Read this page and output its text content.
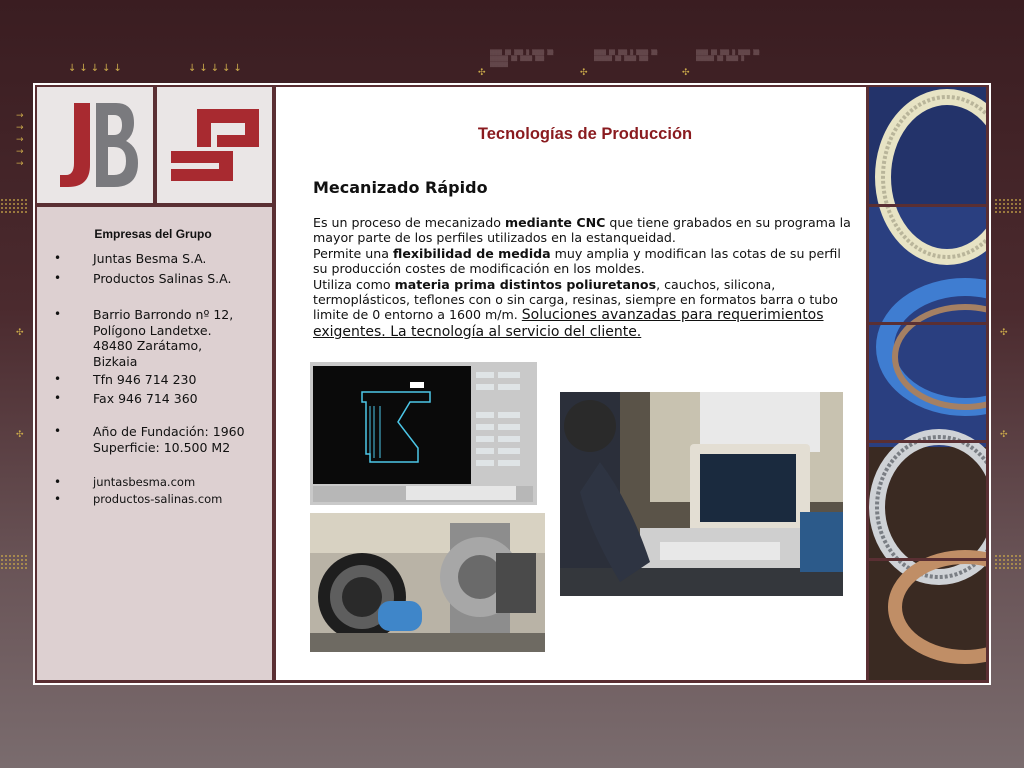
↓↓↓↓↓	↓↓↓↓↓
→
→
→
→
→
✣
✣
✣
✣
✣	✣	✣
▒▒▒▒ ▒▒ ▒▒▒ ▒ ▒▒▒▒ ▒▒ ▒▒▒▒▒▒ ▒▒ ▒▒▒▒ ▒▒▒ ▒▒▒▒▒▒
▒▒▒▒ ▒▒ ▒▒▒ ▒ ▒▒▒▒ ▒▒ ▒▒▒▒▒▒ ▒▒ ▒▒▒▒ ▒▒▒
▒▒▒▒ ▒▒ ▒▒▒ ▒ ▒▒▒▒ ▒▒ ▒▒▒▒▒▒ ▒▒ ▒▒▒▒ ▒
Empresas del Grupo
• Juntas Besma S.A.
• Productos Salinas S.A.
• Barrio Barrondo nº 12,
Polígono Landetxe.
48480 Zarátamo,
Bizkaia
• Tfn 946 714 230
• Fax 946 714 360
• Año de Fundación: 1960
Superficie: 10.500 M2
• juntasbesma.com
• productos-salinas.com
Tecnologías de Producción
Mecanizado Rápido
Es un proceso de mecanizado mediante CNC que tiene grabados en su programa la mayor parte de los perfiles utilizados en la estanqueidad.
Permite una flexibilidad de medida muy amplia y modifican las cotas de su perfil su producción costes de modificación en los moldes.
Utiliza como materia prima distintos poliuretanos, cauchos, silicona, termoplásticos, teflones con o sin carga, resinas, siempre en formatos barra o tubo limite de 0 entorno a 1600 m/m. Soluciones avanzadas para requerimientos exigentes. La tecnología al servicio del cliente.
